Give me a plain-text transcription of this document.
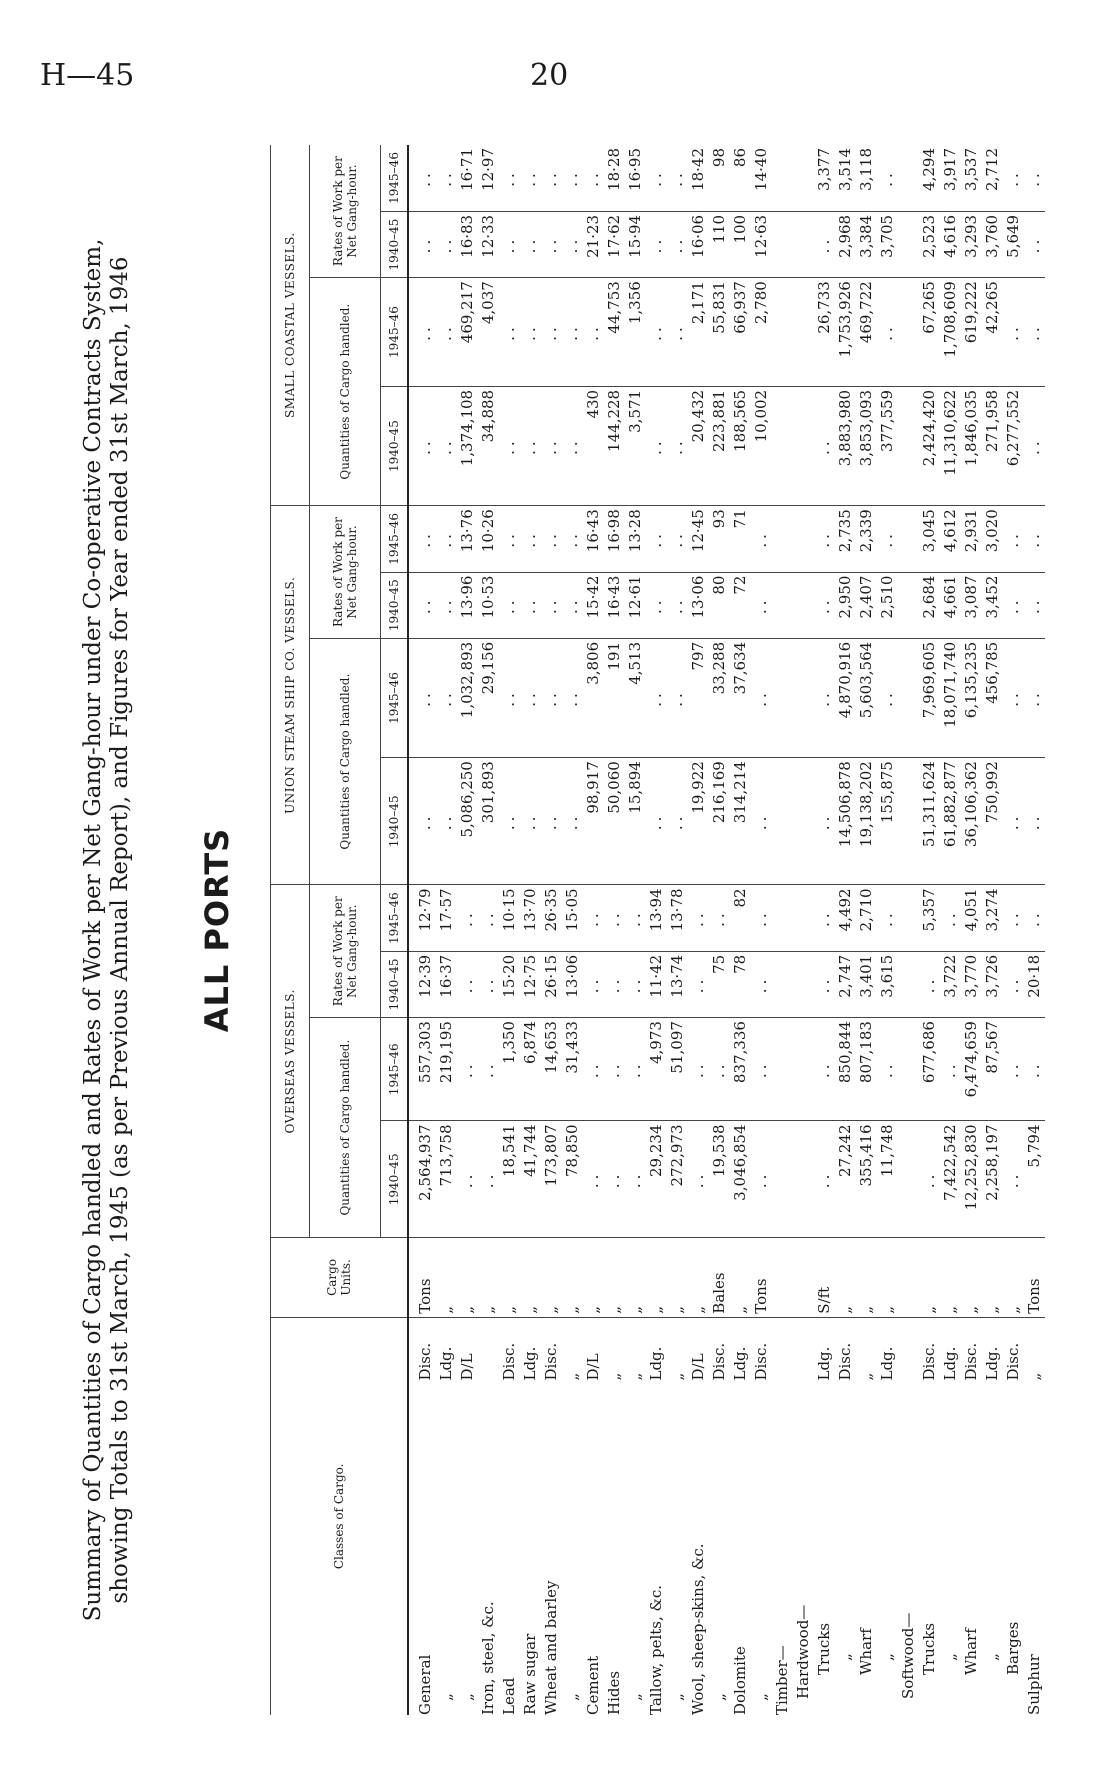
H—45	20
Summary of Quantities of Cargo handled and Rates of Work per Net Gang-hour under Co-operative Contracts System, showing Totals to 31st March, 1945 (as per Previous Annual Report), and Figures for Year ended 31st March, 1946 ALL PORTS
Classes of Cargo.		Cargo Units.	OVERSEAS VESSELS.				UNION STEAM SHIP CO. VESSELS.				SMALL COASTAL VESSELS.			
			Quantities of Cargo handled.		Rates of Work per Net Gang-hour.		Quantities of Cargo handled.		Rates of Work per Net Gang-hour.		Quantities of Cargo handled.		Rates of Work per Net Gang-hour.	
			1940–45	1945–46	1940–45	1945–46	1940–45	1945–46	1940–45	1945–46	1940–45	1945–46	1940–45	1945–46
General	Disc.	Tons	2,564,937	557,303	12·39	12·79	..	..	..	..	..	..	..	..
„	Ldg.	„	713,758	219,195	16·37	17·57	..	..	..	..	..	..	..	..
„	D/L	„	..	..	..	..	5,086,250	1,032,893	13·96	13·76	1,374,108	469,217	16·83	16·71
Iron, steel, &c.		„	..	..	..	..	301,893	29,156	10·53	10·26	34,888	4,037	12·33	12·97
Lead	Disc.	„	18,541	1,350	15·20	10·15	..	..	..	..	..	..	..	..
Raw sugar	Ldg.	„	41,744	6,874	12·75	13·70	..	..	..	..	..	..	..	..
Wheat and barley	Disc.	„	173,807	14,653	26·15	26·35	..	..	..	..	..	..	..	..
„	„	„	78,850	31,433	13·06	15·05	..	..	..	..	..	..	..	..
Cement	D/L	„	..	..	..	..	98,917	3,806	15·42	16·43	430	..	21·23	..
Hides	„	„	..	..	..	..	50,060	191	16·43	16·98	144,228	44,753	17·62	18·28
„	„	„	..	..	..	..	15,894	4,513	12·61	13·28	3,571	1,356	15·94	16·95
Tallow, pelts, &c.	Ldg.	„	29,234	4,973	11·42	13·94	..	..	..	..	..	..	..	..
„	„	„	272,973	51,097	13·74	13·78	..	..	..	..	..	..	..	..
Wool, sheep-skins, &c.	D/L	„	..	..	..	..	19,922	797	13·06	12·45	20,432	2,171	16·06	18·42
„	Disc.	Bales	19,538	..	75	..	216,169	33,288	80	93	223,881	55,831	110	98
Dolomite	Ldg.	„	3,046,854	837,336	78	82	314,214	37,634	72	71	188,565	66,937	100	86
„	Disc.	Tons	..	..	..	..	..	..	..	..	10,002	2,780	12·63	14·40
Timber—														
Hardwood—														
Trucks	Ldg.	S/ft	..	..	..	..	..	..	..	..	..	26,733	..	3,377
„	Disc.	„	27,242	850,844	2,747	4,492	14,506,878	4,870,916	2,950	2,735	3,883,980	1,753,926	2,968	3,514
Wharf	„	„	355,416	807,183	3,401	2,710	19,138,202	5,603,564	2,407	2,339	3,853,093	469,722	3,384	3,118
„	Ldg.	„	11,748	..	3,615	..	155,875	..	2,510	..	377,559	..	3,705	..
Softwood—														
Trucks	Disc.	„	..	677,686	..	5,357	51,311,624	7,969,605	2,684	3,045	2,424,420	67,265	2,523	4,294
„	Ldg.	„	7,422,542	..	3,722	..	61,882,877	18,071,740	4,661	4,612	11,310,622	1,708,609	4,616	3,917
Wharf	Disc.	„	12,252,830	6,474,659	3,770	4,051	36,106,362	6,135,235	3,087	2,931	1,846,035	619,222	3,293	3,537
„	Ldg.	„	2,258,197	87,567	3,726	3,274	750,992	456,785	3,452	3,020	271,958	42,265	3,760	2,712
Barges	Disc.	„	..	..	..	..	..	..	..	..	6,277,552	..	5,649	..
Sulphur	„	Tons	5,794	..	20·18	..	..	..	..	..	..	..	..	..
